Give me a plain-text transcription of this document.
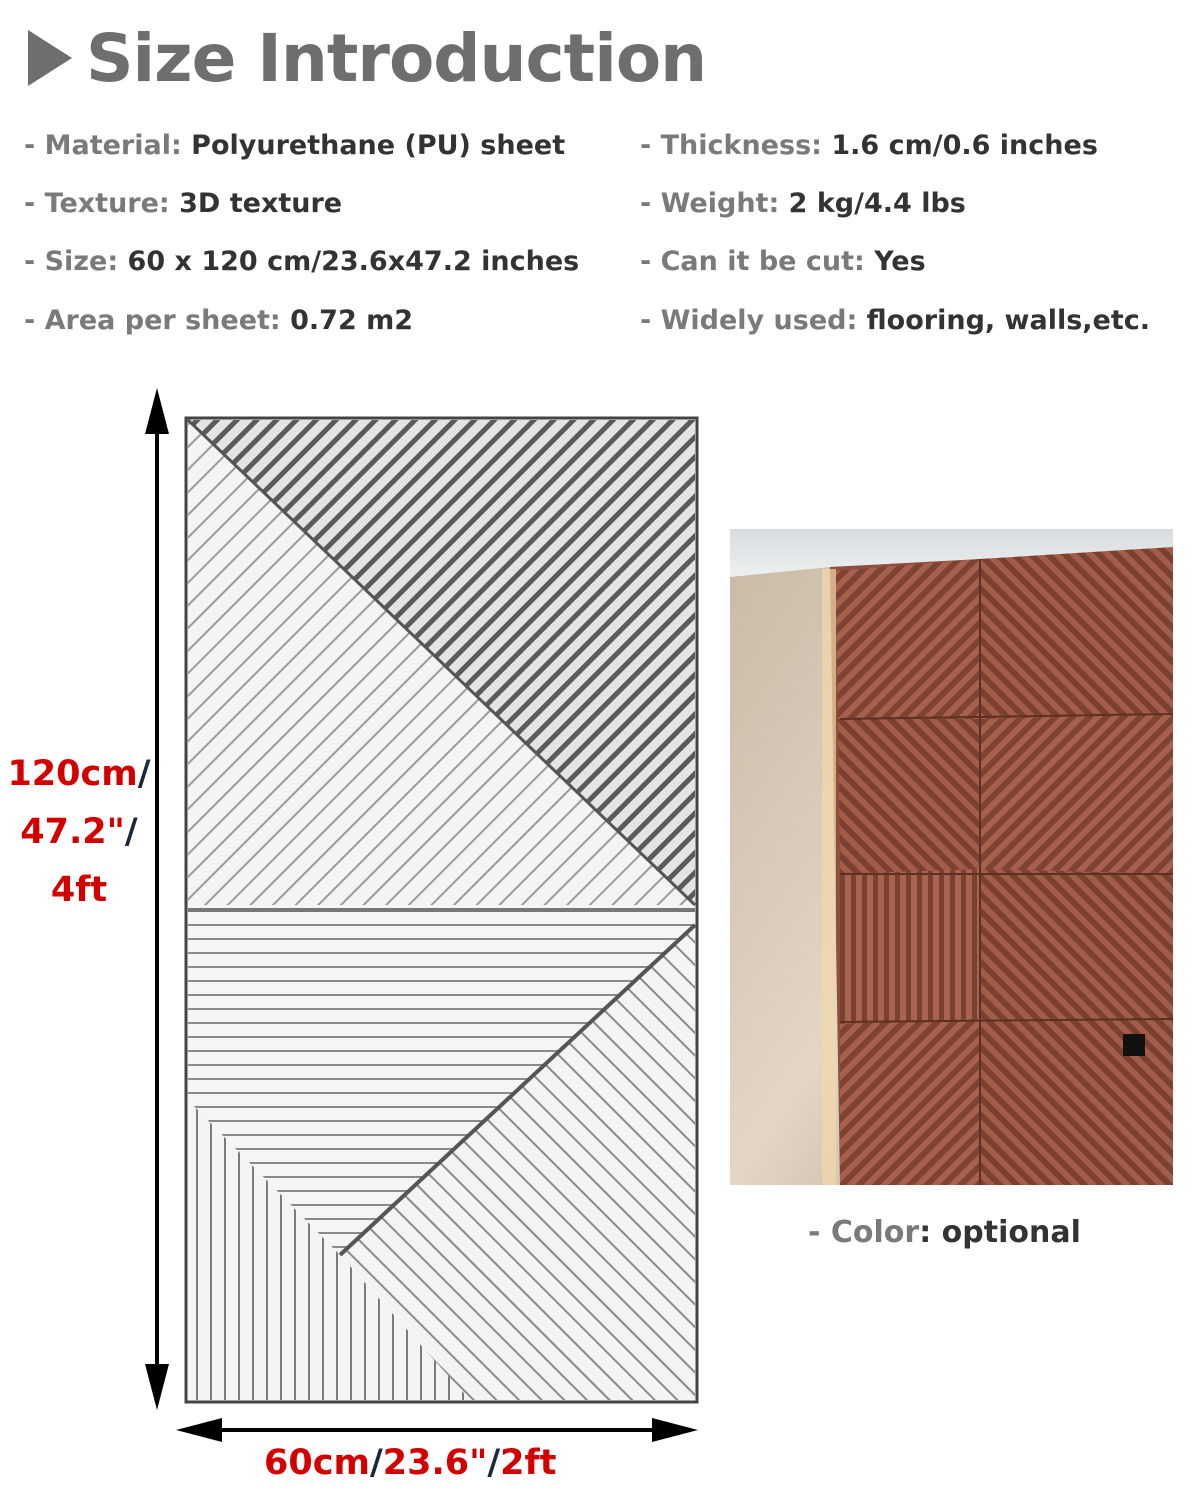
Size Introduction
- Material: Polyurethane (PU) sheet
- Texture: 3D texture
- Size: 60 x 120 cm/23.6x47.2 inches
- Area per sheet: 0.72 m2
- Thickness: 1.6 cm/0.6 inches
- Weight: 2 kg/4.4 lbs
- Can it be cut: Yes
- Widely used: flooring, walls,etc.
120cm/
47.2"/
4ft
60cm/23.6"/2ft
- Color: optional
